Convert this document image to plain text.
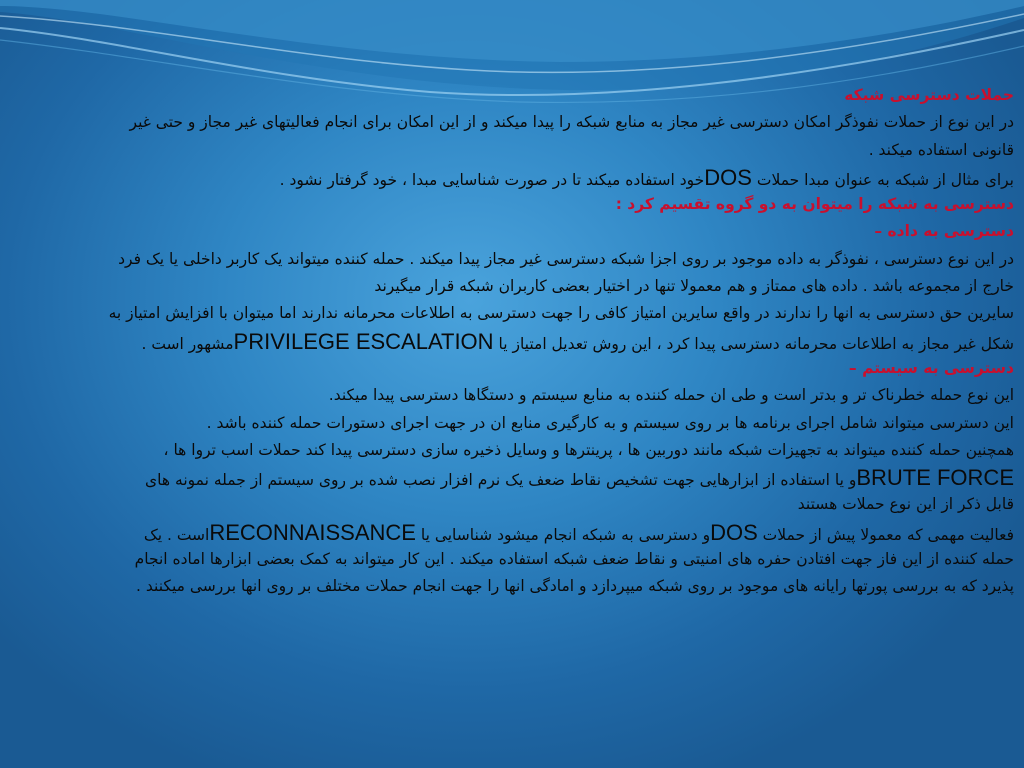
حملات دسترسی شبکه
در این نوع از حملات نفوذگر امکان دسترسی غیر مجاز به منابع شبکه را پیدا میکند و از این امکان برای انجام فعالیتهای غیر مجاز و حتی غیر
قانونی استفاده میکند .
برای مثال از شبکه به عنوان مبدا حملات DOSخود استفاده میکند تا در صورت شناسایی مبدا ، خود گرفتار نشود .
دسترسی به شبکه را میتوان به دو گروه تقسیم کرد :
دسترسی به داده –
در این نوع دسترسی ، نفوذگر به داده موجود بر روی اجزا شبکه دسترسی غیر مجاز پیدا میکند . حمله کننده میتواند یک کاربر داخلی یا یک فرد
خارج از مجموعه باشد . داده های ممتاز و هم معمولا تنها در اختیار بعضی کاربران شبکه قرار میگیرند
سایرین حق دسترسی به انها را ندارند در واقع سایرین امتیاز کافی را جهت دسترسی به اطلاعات محرمانه ندارند اما میتوان با افزایش امتیاز به
شکل غیر مجاز به اطلاعات محرمانه دسترسی پیدا کرد ، این روش تعدیل امتیاز یا PRIVILEGE ESCALATIONمشهور است .
دسترسی به سیستم –
این نوع حمله خطرناک تر و بدتر است و طی ان حمله کننده به منابع سیستم و دستگاها دسترسی پیدا میکند.
این دسترسی میتواند شامل اجرای برنامه ها بر روی سیستم و به کارگیری منابع ان در جهت اجرای دستورات حمله کننده باشد .
همچنین حمله کننده میتواند به تجهیزات شبکه مانند دوربین ها ، پرینترها و وسایل ذخیره سازی دسترسی پیدا کند حملات اسب تروا ها ،
BRUTE FORCEو یا استفاده از ابزارهایی جهت تشخیص نقاط ضعف یک نرم افزار نصب شده بر روی سیستم از جمله نمونه های
قابل ذکر از این نوع حملات هستند
فعالیت مهمی که معمولا پیش از حملات DOSو دسترسی به شبکه انجام میشود شناسایی یا RECONNAISSANCEاست . یک
حمله کننده از این فاز جهت افتادن حفره های امنیتی و نقاط ضعف شبکه استفاده میکند . این کار میتواند به کمک بعضی ابزارها اماده انجام
پذیرد که به بررسی پورتها رایانه های موجود بر روی شبکه میپردازد و امادگی انها را جهت انجام حملات مختلف بر روی انها بررسی میکنند .
